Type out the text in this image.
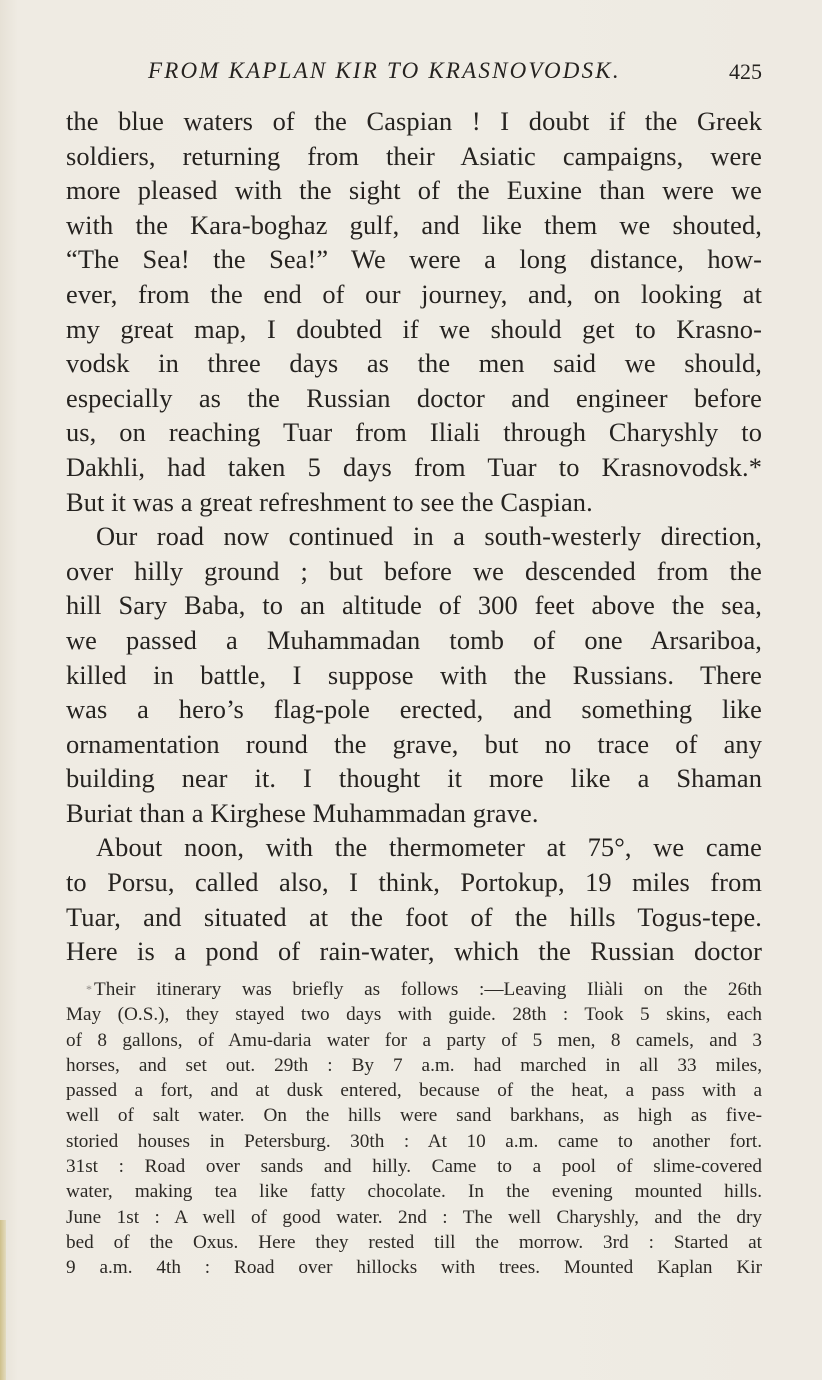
FROM KAPLAN KIR TO KRASNOVODSK.	425
the blue waters of the Caspian ! I doubt if the Greek
soldiers, returning from their Asiatic campaigns, were
more pleased with the sight of the Euxine than were we
with the Kara-boghaz gulf, and like them we shouted,
“The Sea! the Sea!” We were a long distance, how-
ever, from the end of our journey, and, on looking at
my great map, I doubted if we should get to Krasno-
vodsk in three days as the men said we should,
especially as the Russian doctor and engineer before
us, on reaching Tuar from Iliali through Charyshly to
Dakhli, had taken 5 days from Tuar to Krasnovodsk.*
But it was a great refreshment to see the Caspian.
Our road now continued in a south-westerly direction,
over hilly ground ; but before we descended from the
hill Sary Baba, to an altitude of 300 feet above the sea,
we passed a Muhammadan tomb of one Arsariboa,
killed in battle, I suppose with the Russians. There
was a hero’s flag-pole erected, and something like
ornamentation round the grave, but no trace of any
building near it. I thought it more like a Shaman
Buriat than a Kirghese Muhammadan grave.
About noon, with the thermometer at 75°, we came
to Porsu, called also, I think, Portokup, 19 miles from
Tuar, and situated at the foot of the hills Togus-tepe.
Here is a pond of rain-water, which the Russian doctor
* Their itinerary was briefly as follows :—Leaving Iliàli on the 26th
May (O.S.), they stayed two days with guide. 28th : Took 5 skins, each
of 8 gallons, of Amu-daria water for a party of 5 men, 8 camels, and 3
horses, and set out. 29th : By 7 a.m. had marched in all 33 miles,
passed a fort, and at dusk entered, because of the heat, a pass with a
well of salt water. On the hills were sand barkhans, as high as five-
storied houses in Petersburg. 30th : At 10 a.m. came to another fort.
31st : Road over sands and hilly. Came to a pool of slime-covered
water, making tea like fatty chocolate. In the evening mounted hills.
June 1st : A well of good water. 2nd : The well Charyshly, and the dry
bed of the Oxus. Here they rested till the morrow. 3rd : Started at
9 a.m. 4th : Road over hillocks with trees. Mounted Kaplan Kir
